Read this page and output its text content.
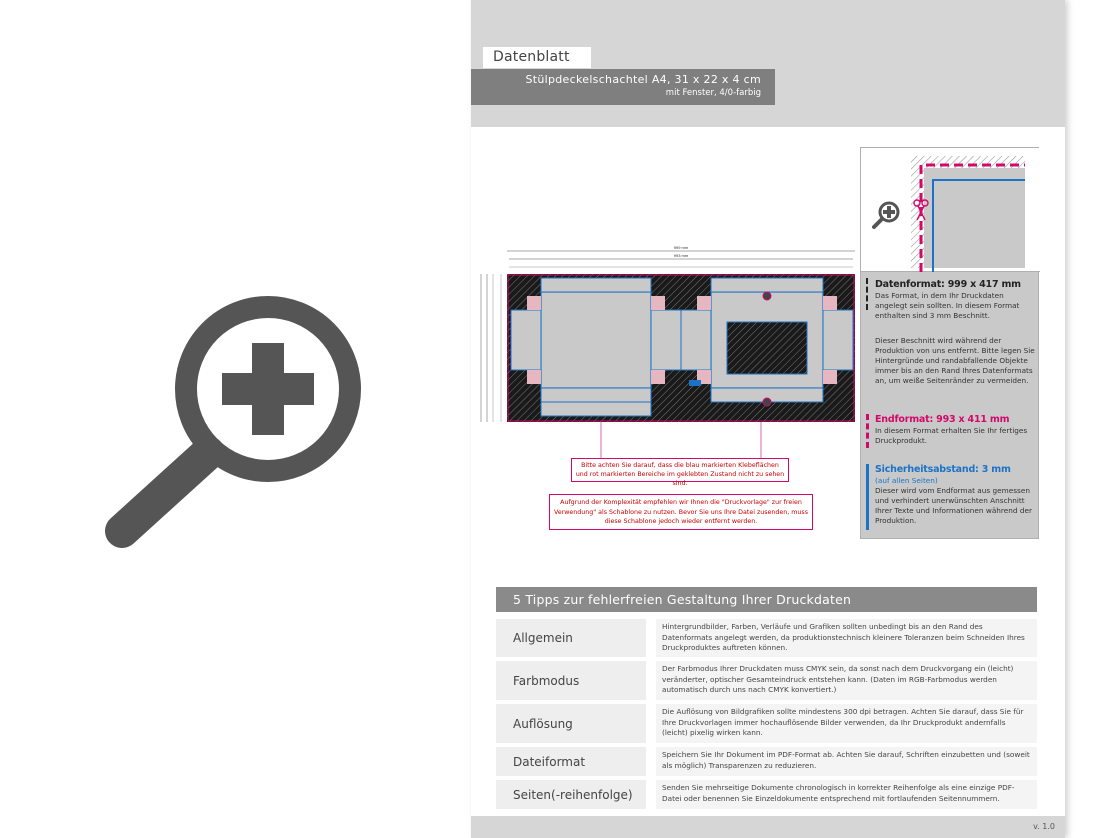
Datenblatt
Stülpdeckelschachtel A4, 31 x 22 x 4 cm
mit Fenster, 4/0-farbig
999 mm
993 mm
Bitte achten Sie darauf, dass die blau markierten Klebeflächen und rot markierten Bereiche im geklebten Zustand nicht zu sehen sind.
Aufgrund der Komplexität empfehlen wir Ihnen die "Druckvorlage" zur freien Verwendung" als Schablone zu nutzen. Bevor Sie uns Ihre Datei zusenden, muss diese Schablone jedoch wieder entfernt werden.
Datenformat: 999 x 417 mm
Das Format, in dem Ihr Druckdaten angelegt sein sollten. In diesem Format enthalten sind 3 mm Beschnitt.
Dieser Beschnitt wird während der Produktion von uns entfernt. Bitte legen Sie Hintergründe und randabfallende Objekte immer bis an den Rand Ihres Datenformats an, um weiße Seitenränder zu vermeiden.
Endformat: 993 x 411 mm
In diesem Format erhalten Sie Ihr fertiges Druckprodukt.
Sicherheitsabstand: 3 mm
(auf allen Seiten)
Dieser wird vom Endformat aus gemessen und verhindert unerwünschten Anschnitt Ihrer Texte und Informationen während der Produktion.
5 Tipps zur fehlerfreien Gestaltung Ihrer Druckdaten
Allgemein
Hintergrundbilder, Farben, Verläufe und Grafiken sollten unbedingt bis an den Rand des Datenformats angelegt werden, da produktionstechnisch kleinere Toleranzen beim Schneiden Ihres Druckproduktes auftreten können.
Farbmodus
Der Farbmodus Ihrer Druckdaten muss CMYK sein, da sonst nach dem Druckvorgang ein (leicht) veränderter, optischer Gesamteindruck entstehen kann. (Daten im RGB-Farbmodus werden automatisch durch uns nach CMYK konvertiert.)
Auflösung
Die Auflösung von Bildgrafiken sollte mindestens 300 dpi betragen. Achten Sie darauf, dass Sie für Ihre Druckvorlagen immer hochauflösende Bilder verwenden, da Ihr Druckprodukt andernfalls (leicht) pixelig wirken kann.
Dateiformat	Speichern Sie Ihr Dokument im PDF-Format ab. Achten Sie darauf, Schriften einzubetten und (soweit als möglich) Transparenzen zu reduzieren.
Seiten(-reihenfolge)	Senden Sie mehrseitige Dokumente chronologisch in korrekter Reihenfolge als eine einzige PDF-Datei oder benennen Sie Einzeldokumente entsprechend mit fortlaufenden Seitennummern.
v. 1.0
